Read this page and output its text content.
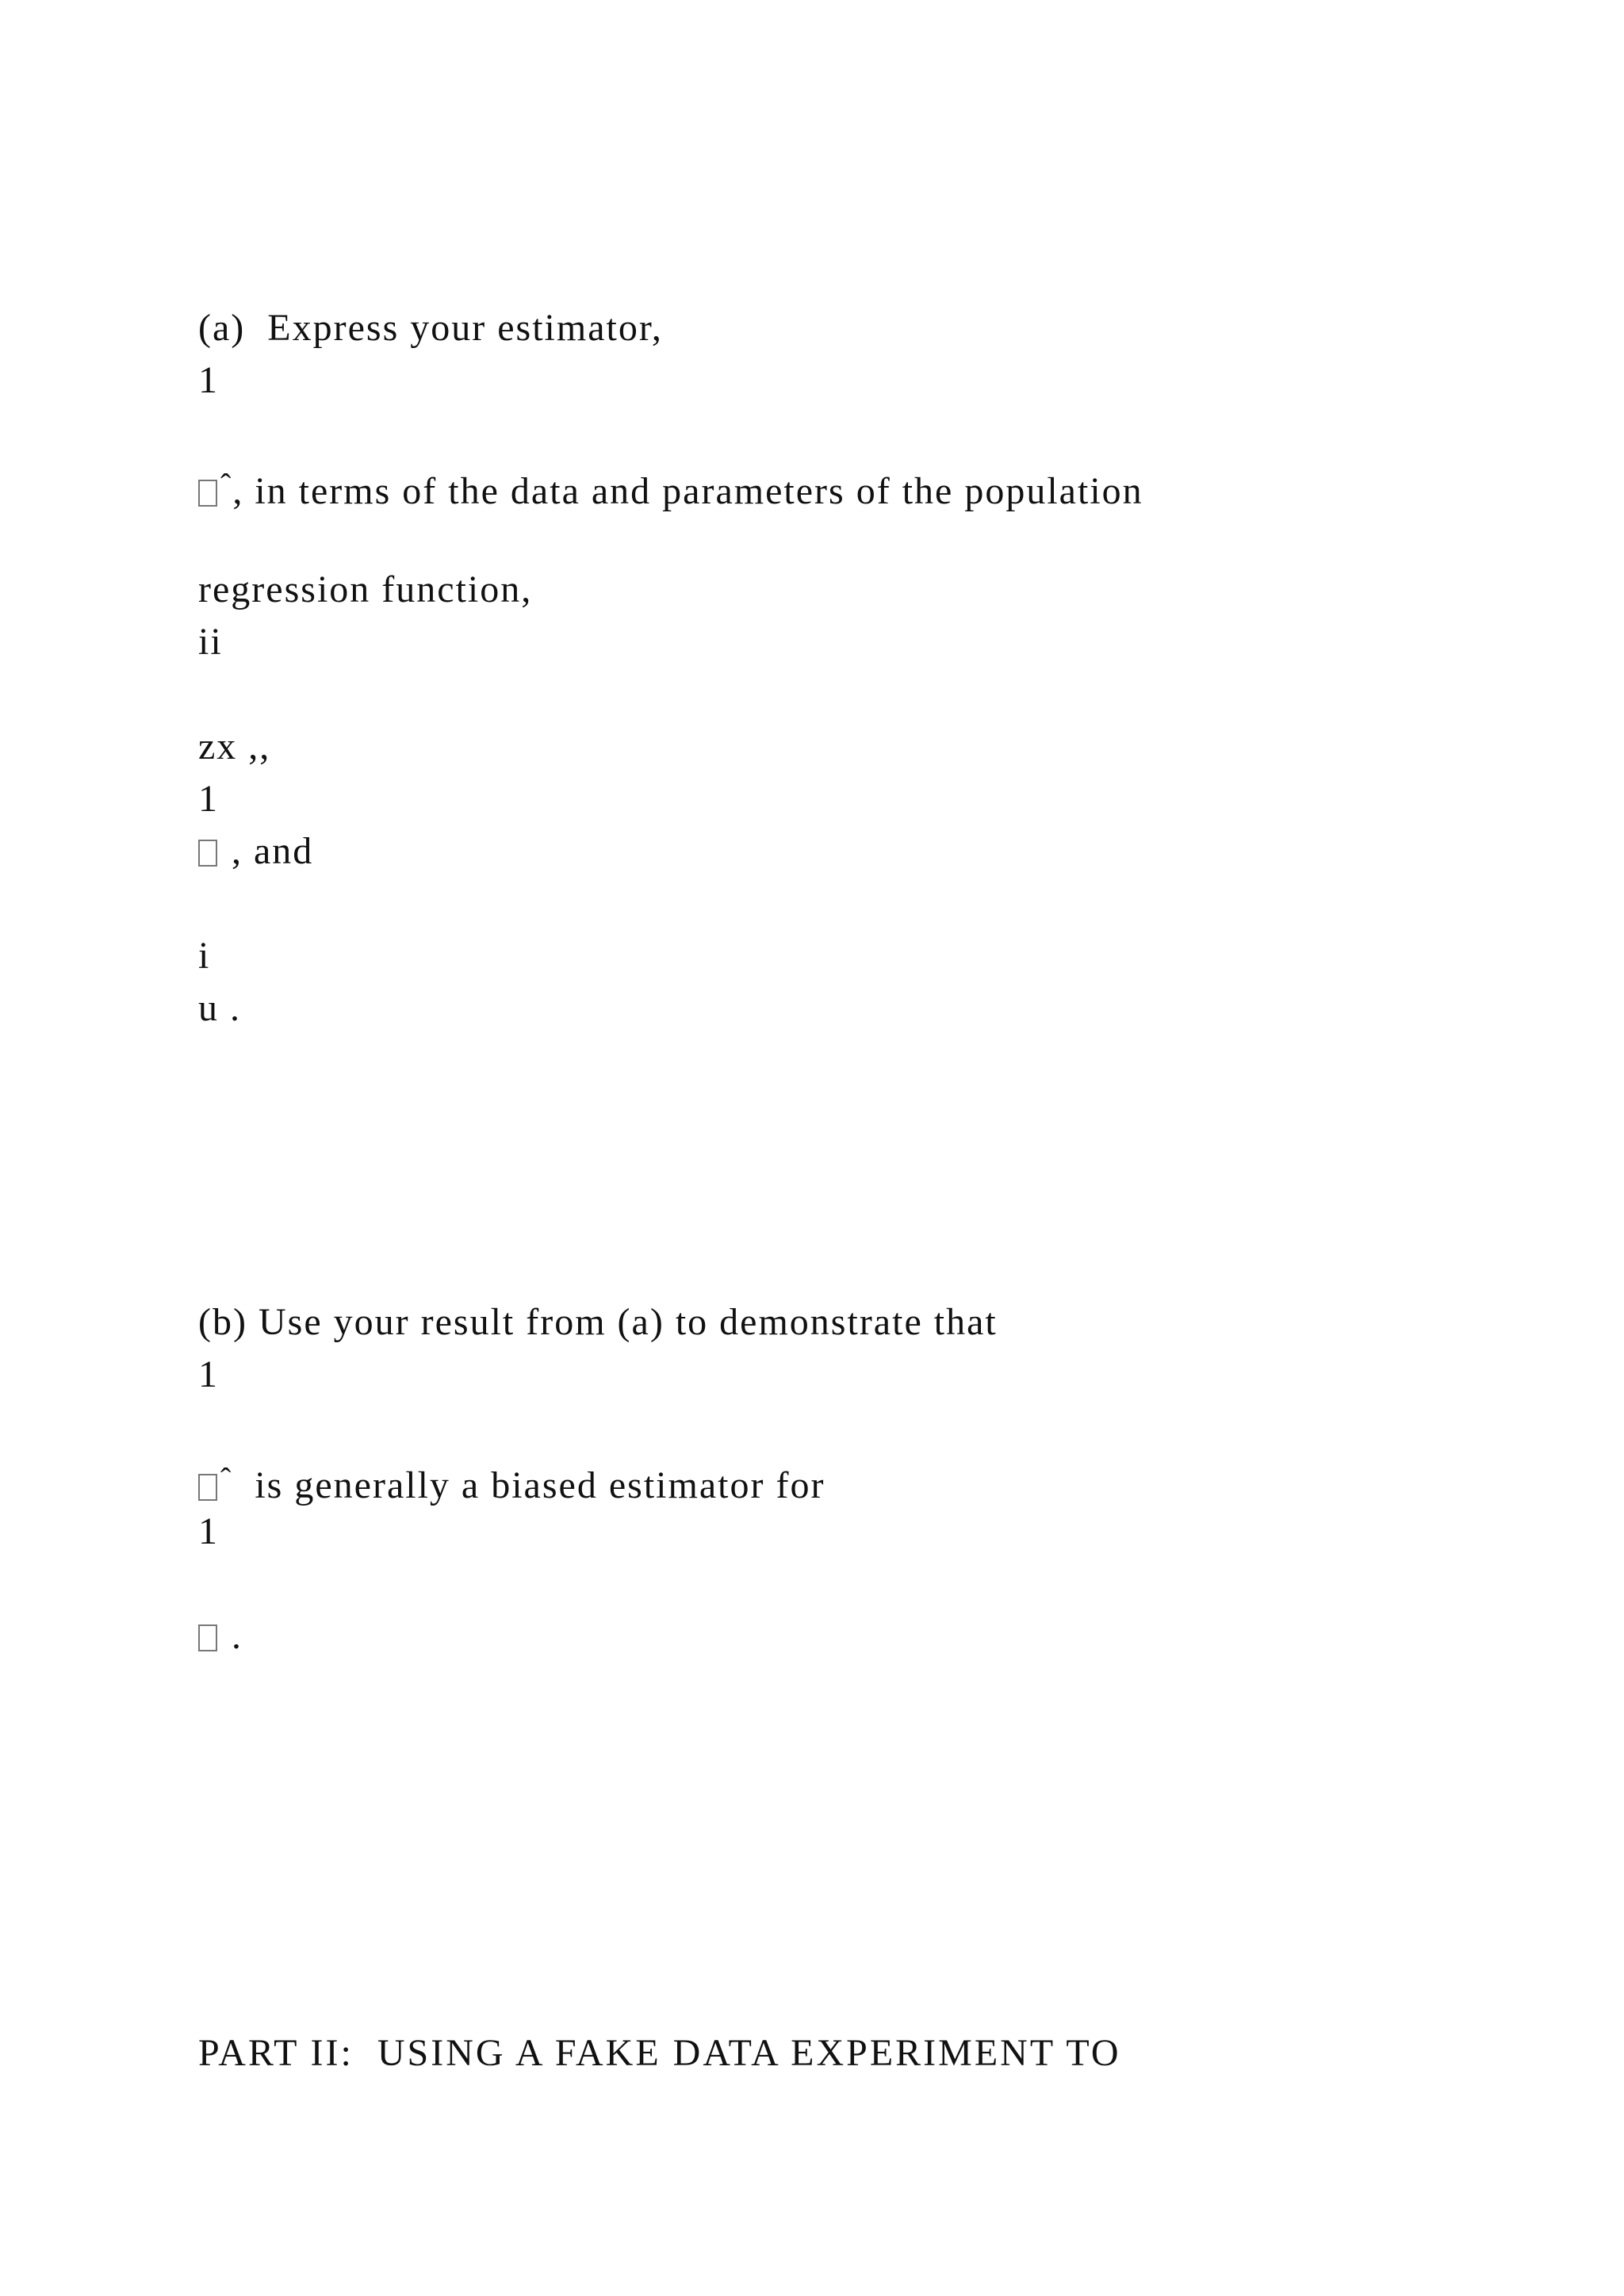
(a)  Express your estimator,
1
ˆ, in terms of the data and parameters of the population
regression function,
ii
zx ,,
1
, and
i
u .
(b) Use your result from (a) to demonstrate that
1
ˆ  is generally a biased estimator for
1
.
PART II:  USING A FAKE DATA EXPERIMENT TO
